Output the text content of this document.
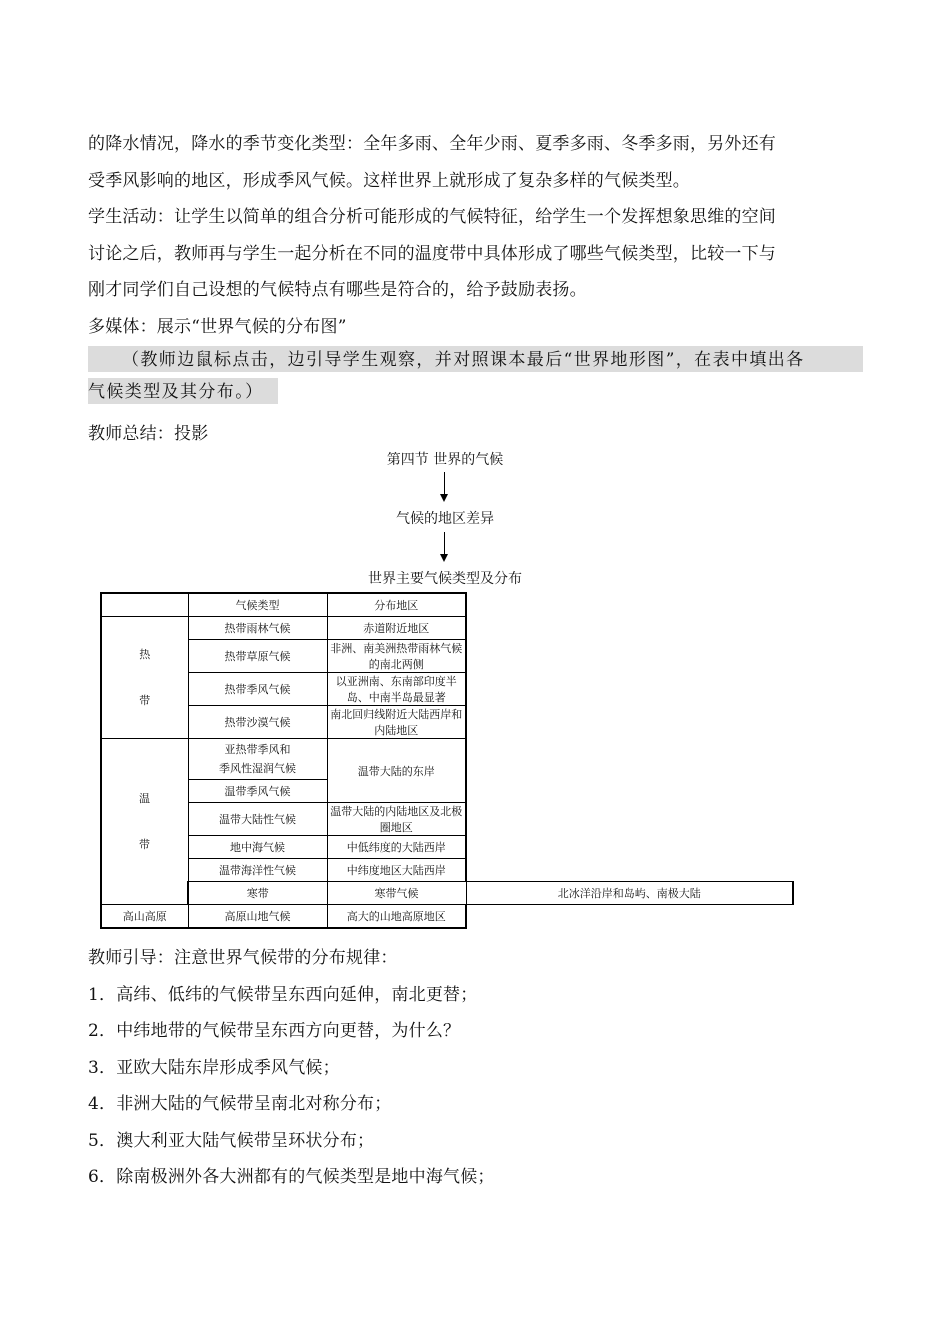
的降水情况，降水的季节变化类型：全年多雨、全年少雨、夏季多雨、冬季多雨，另外还有
受季风影响的地区，形成季风气候。这样世界上就形成了复杂多样的气候类型。
学生活动：让学生以简单的组合分析可能形成的气候特征，给学生一个发挥想象思维的空间
讨论之后，教师再与学生一起分析在不同的温度带中具体形成了哪些气候类型，比较一下与
刚才同学们自己设想的气候特点有哪些是符合的，给予鼓励表扬。
多媒体：展示“世界气候的分布图”
（教师边鼠标点击，边引导学生观察，并对照课本最后“世界地形图”，在表中填出各
气候类型及其分布。）
教师总结：投影
第四节 世界的气候
气候的地区差异
世界主要气候类型及分布
	气候类型	分布地区	
热
带	热带雨林气候	赤道附近地区	
	热带草原气候	非洲、南美洲热带雨林气候的南北两侧	
	热带季风气候	以亚洲南、东南部印度半岛、中南半岛最显著	
	热带沙漠气候	南北回归线附近大陆西岸和内陆地区	
温
带	亚热带季风和
季风性湿润气候	温带大陆的东岸	
	温带季风气候		
	温带大陆性气候	温带大陆的内陆地区及北极圈地区	
	地中海气候	中低纬度的大陆西岸	
	温带海洋性气候	中纬度地区大陆西岸	
	寒带	寒带气候	北冰洋沿岸和岛屿、南极大陆
高山高原	高原山地气候	高大的山地高原地区	
教师引导：注意世界气候带的分布规律：
1．高纬、低纬的气候带呈东西向延伸，南北更替；
2．中纬地带的气候带呈东西方向更替，为什么？
3．亚欧大陆东岸形成季风气候；
4．非洲大陆的气候带呈南北对称分布；
5．澳大利亚大陆气候带呈环状分布；
6．除南极洲外各大洲都有的气候类型是地中海气候；
